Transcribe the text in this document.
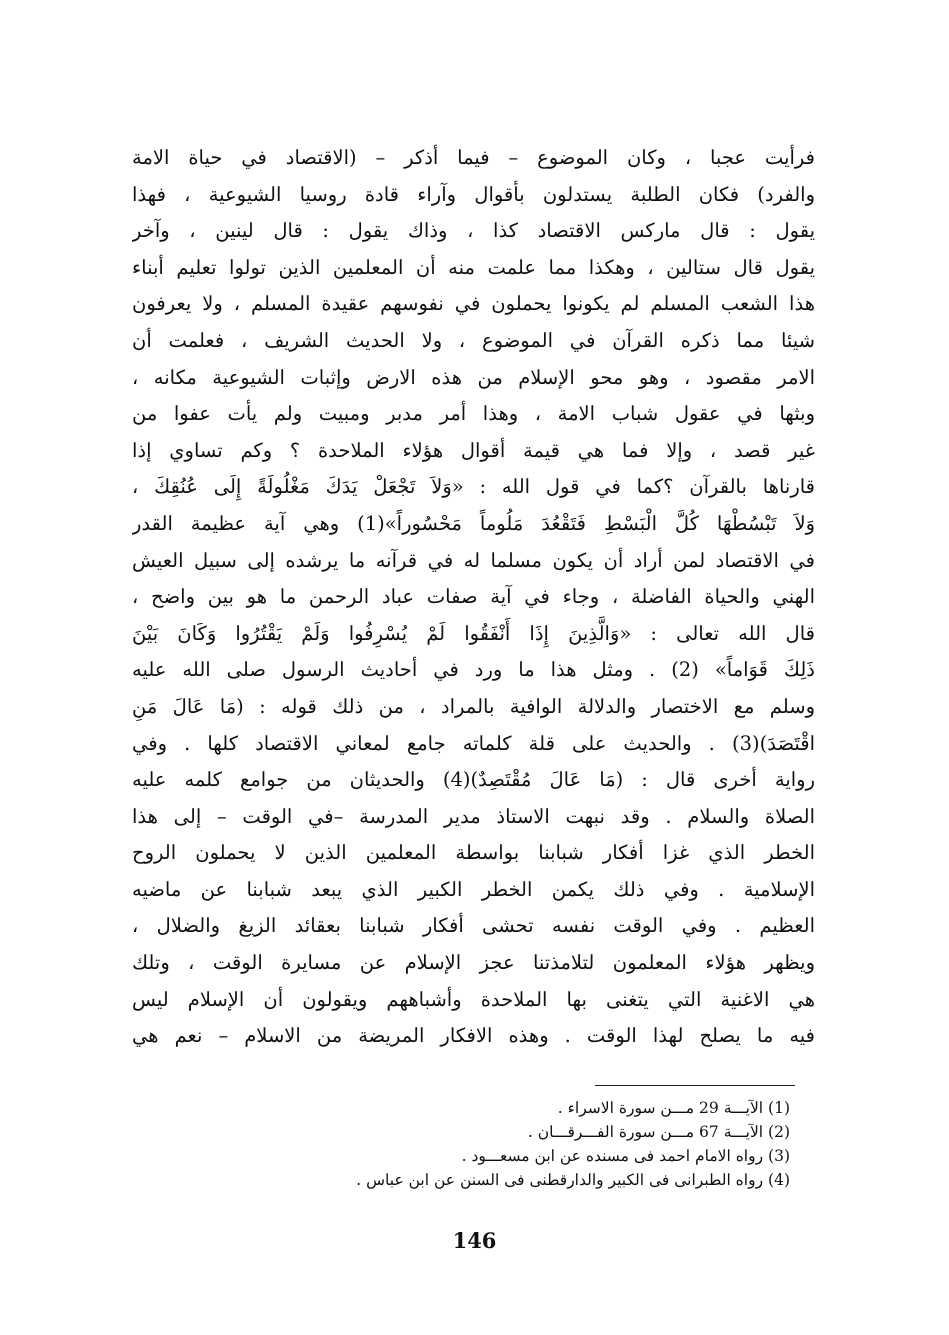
فرأيت عجبا ، وكان الموضوع – فيما أذكر – (الاقتصاد في حياة الامة
والفرد) فكان الطلبة يستدلون بأقوال وآراء قادة روسيا الشيوعية ، فهذا
يقول : قال ماركس الاقتصاد كذا ، وذاك يقول : قال لينين ، وآخر
يقول قال ستالين ، وهكذا مما علمت منه أن المعلمين الذين تولوا تعليم أبناء
هذا الشعب المسلم لم يكونوا يحملون في نفوسهم عقيدة المسلم ، ولا يعرفون
شيئا مما ذكره القرآن في الموضوع ، ولا الحديث الشريف ، فعلمت أن
الامر مقصود ، وهو محو الإسلام من هذه الارض وإثبات الشيوعية مكانه ،
وبثها في عقول شباب الامة ، وهذا أمر مدبر ومبيت ولم يأت عفوا من
غير قصد ، وإلا فما هي قيمة أقوال هؤلاء الملاحدة ؟ وكم تساوي إذا
قارناها بالقرآن ؟كما في قول الله : «وَلاَ تَجْعَلْ يَدَكَ مَغْلُولَةً إِلَى عُنُقِكَ ،
وَلاَ تَبْسُطْهَا كُلَّ الْبَسْطِ فَتَقْعُدَ مَلُوماً مَحْسُوراً»(1) وهي آية عظيمة القدر
في الاقتصاد لمن أراد أن يكون مسلما له في قرآنه ما يرشده إلى سبيل العيش
الهني والحياة الفاضلة ، وجاء في آية صفات عباد الرحمن ما هو بين واضح ،
قال الله تعالى : «وَالَّذِينَ إِذَا أَنْفَقُوا لَمْ يُسْرِفُوا وَلَمْ يَقْتُرُوا وَكَانَ بَيْنَ
ذَلِكَ قَوَاماً» (2) . ومثل هذا ما ورد في أحاديث الرسول صلى الله عليه
وسلم مع الاختصار والدلالة الوافية بالمراد ، من ذلك قوله : (مَا عَالَ مَنِ
اقْتَصَدَ)(3) . والحديث على قلة كلماته جامع لمعاني الاقتصاد كلها . وفي
رواية أخرى قال : (مَا عَالَ مُقْتَصِدٌ)(4) والحديثان من جوامع كلمه عليه
الصلاة والسلام . وقد نبهت الاستاذ مدير المدرسة –في الوقت – إلى هذا
الخطر الذي غزا أفكار شبابنا بواسطة المعلمين الذين لا يحملون الروح
الإسلامية . وفي ذلك يكمن الخطر الكبير الذي يبعد شبابنا عن ماضيه
العظيم . وفي الوقت نفسه تحشى أفكار شبابنا بعقائد الزيغ والضلال ،
ويظهر هؤلاء المعلمون لتلامذتنا عجز الإسلام عن مسايرة الوقت ، وتلك
هي الاغنية التي يتغنى بها الملاحدة وأشباههم ويقولون أن الإسلام ليس
فيه ما يصلح لهذا الوقت . وهذه الافكار المريضة من الاسلام – نعم هي
(1) الآيـــة 29 مـــن سورة الاسراء .
(2) الآيـــة 67 مـــن سورة الفـــرقـــان .
(3) رواه الامام احمد فى مسنده عن ابن مسعـــود .
(4) رواه الطبرانى فى الكبير والدارقطنى فى السنن عن ابن عباس .
146
